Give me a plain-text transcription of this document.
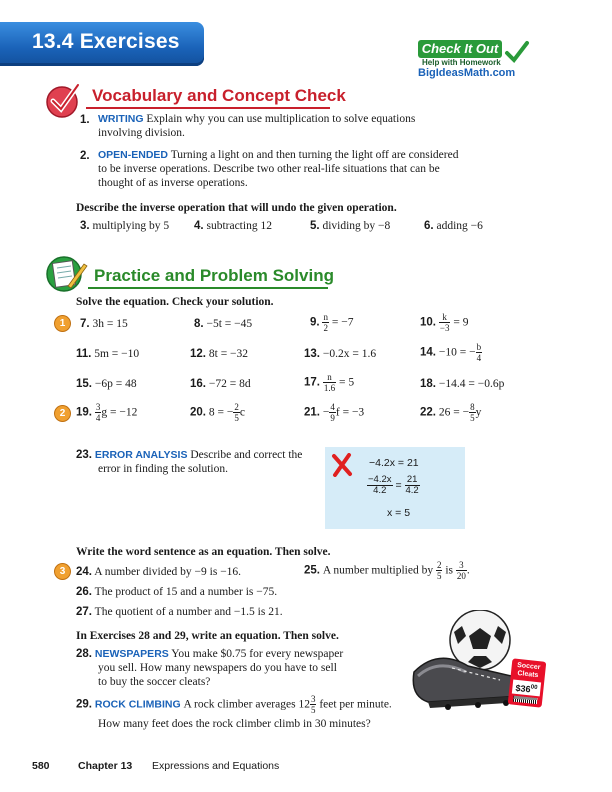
13.4 Exercises	Check It Out
Help with Homework
BigIdeasMath.com
Vocabulary and Concept Check
1. WRITING Explain why you can use multiplication to solve equations
involving division.
2. OPEN-ENDED Turning a light on and then turning the light off are considered
to be inverse operations. Describe two other real-life situations that can be
thought of as inverse operations.
Describe the inverse operation that will undo the given operation.
3. multiplying by 5 4. subtracting 12	5. dividing by −8	6. adding −6
Practice and Problem Solving
Solve the equation. Check your solution.
1	7. 3h = 15	8. −5t = −45	9. $\frac{n}{2} = -7$	10. $\frac{k}{-3} = 9$
11. 5m = −10	12. 8t = −32	13. −0.2x = 1.6	14. −10 = − $\frac{b}{4}$
15. −6p = 48	16. −72 = 8d	17. $\frac{n}{1.6} = 5$	18. −14.4 = −0.6p
2 19. $\frac{3}{4}$ g = −12	20. 8 = − $\frac{2}{5}$ c	21. − $\frac{4}{9}$ f = −3	22. 26 = − $\frac{8}{5}$ y
23. ERROR ANALYSIS Describe and correct the
error in finding the solution.	−4.2x = 21
$\frac{-4.2x}{4.2} = \frac{21}{4.2}$
x = 5
Write the word sentence as an equation. Then solve.
3 24. A number divided by −9 is −16.	25. A number multiplied by $\frac{2}{5}$ is $\frac{3}{20}$ .
26. The product of 15 and a number is −75.
27. The quotient of a number and −1.5 is 21.
In Exercises 28 and 29, write an equation. Then solve.
28. NEWSPAPERS You make $0.75 for every newspaper
you sell. How many newspapers do you have to sell
to buy the soccer cleats?
29. ROCK CLIMBING A rock climber averages $12 \frac{3}{5}$ feet per minute.
How many feet does the rock climber climb in 30 minutes?
Soccer
Cleats
$\$36^{00}$
580	Chapter 13 Expressions and Equations
